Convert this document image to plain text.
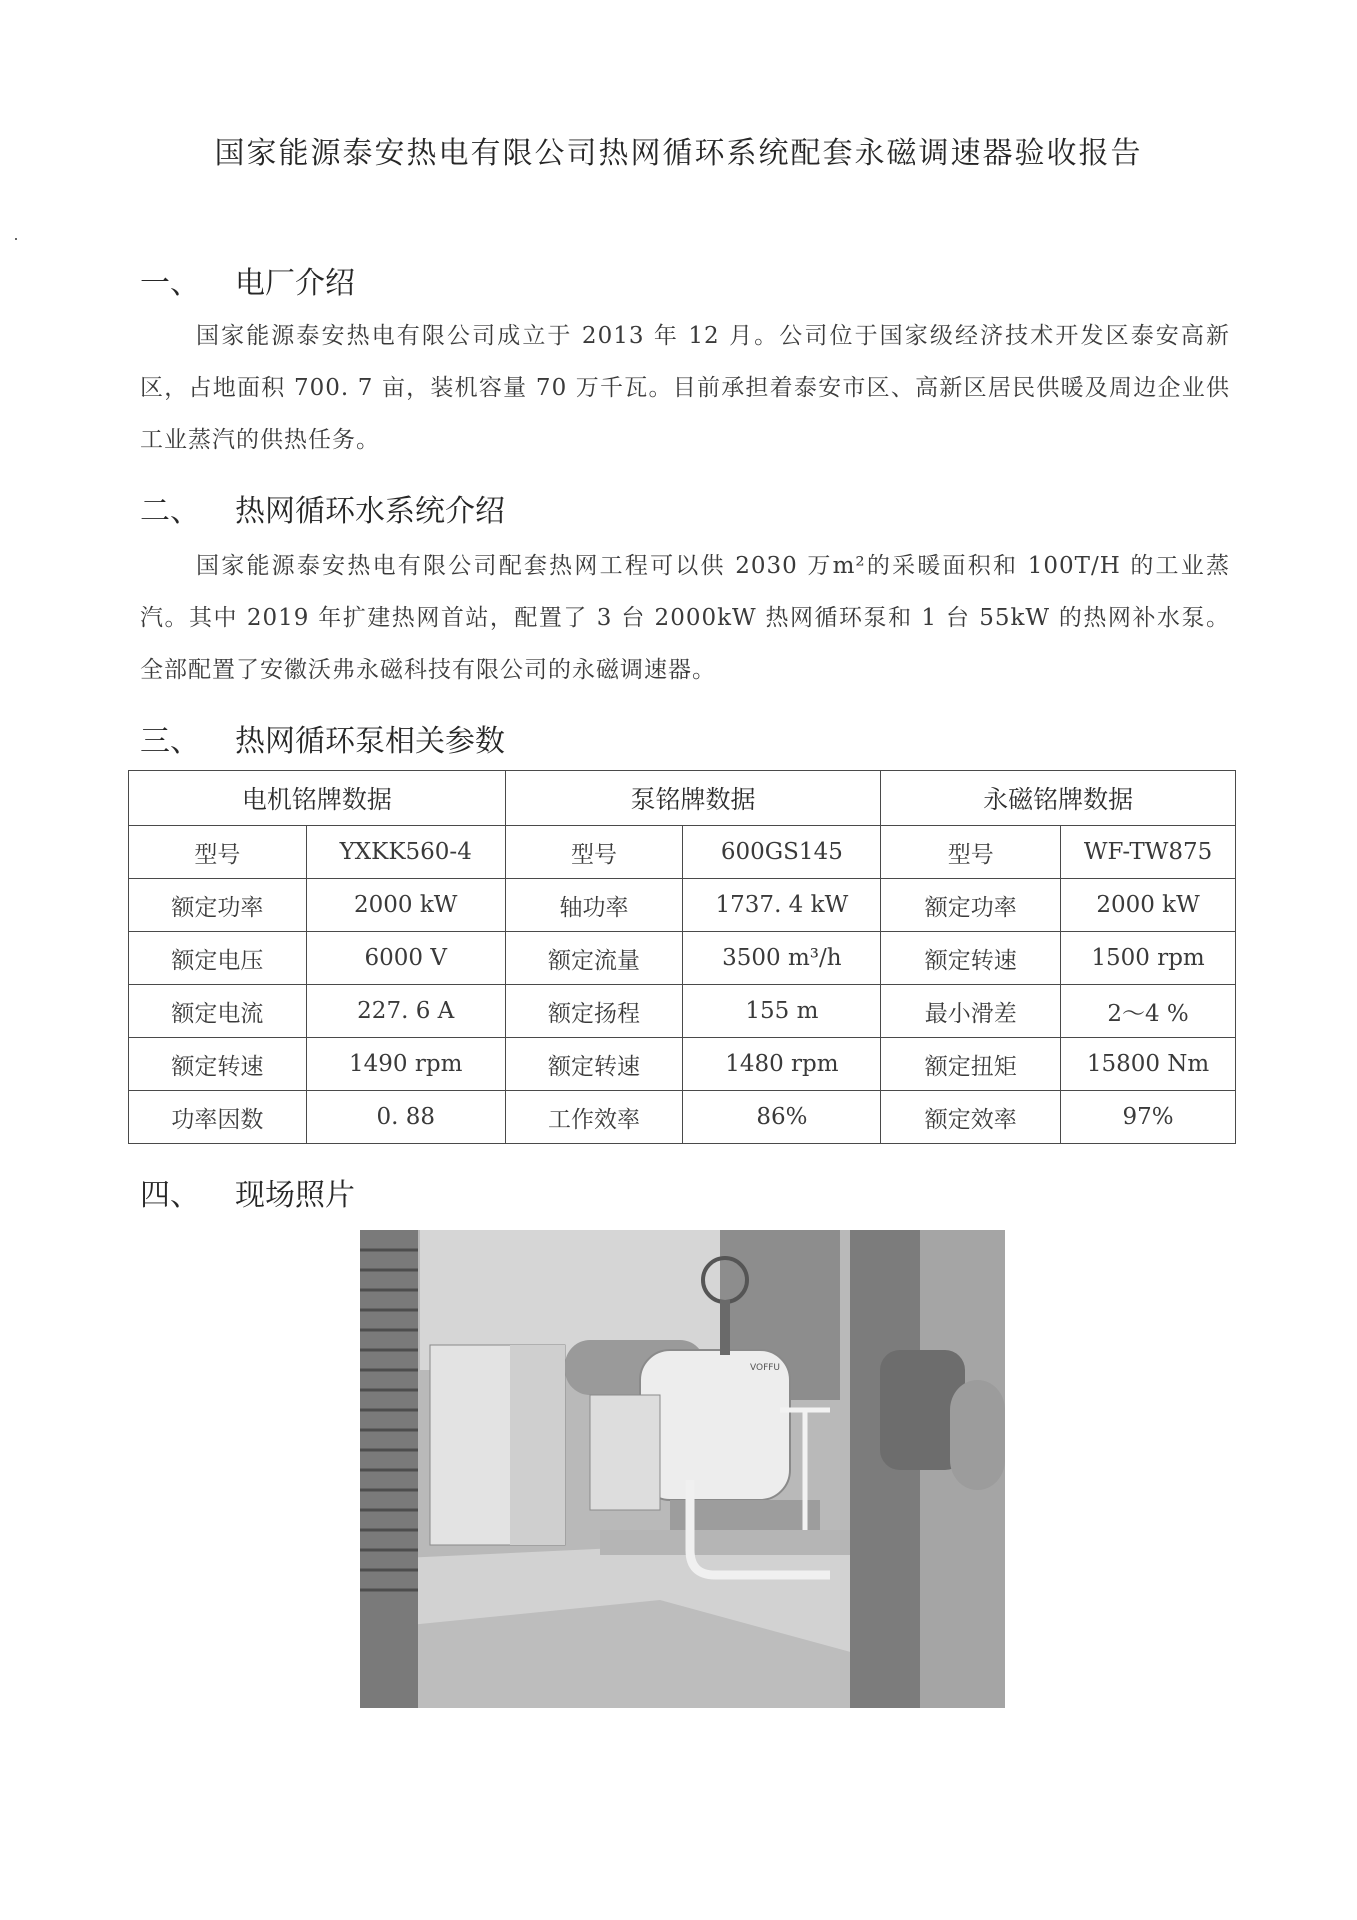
国家能源泰安热电有限公司热网循环系统配套永磁调速器验收报告
一、	电厂介绍
国家能源泰安热电有限公司成立于 2013 年 12 月。公司位于国家级经济技术开发区泰安高新区，占地面积 700. 7 亩，装机容量 70 万千瓦。目前承担着泰安市区、高新区居民供暖及周边企业供工业蒸汽的供热任务。
二、	热网循环水系统介绍
国家能源泰安热电有限公司配套热网工程可以供 2030 万m²的采暖面积和 100T/H 的工业蒸汽。其中 2019 年扩建热网首站，配置了 3 台 2000kW 热网循环泵和 1 台 55kW 的热网补水泵。全部配置了安徽沃弗永磁科技有限公司的永磁调速器。
三、	热网循环泵相关参数
电机铭牌数据		泵铭牌数据		永磁铭牌数据	
型号	YXKK560-4	型号	600GS145	型号	WF-TW875
额定功率	2000 kW	轴功率	1737. 4 kW	额定功率	2000 kW
额定电压	6000 V	额定流量	3500 m³/h	额定转速	1500 rpm
额定电流	227. 6 A	额定扬程	155 m	最小滑差	2～4 %
额定转速	1490 rpm	额定转速	1480 rpm	额定扭矩	15800 Nm
功率因数	0. 88	工作效率	86%	额定效率	97%
四、	现场照片
VOFFU
